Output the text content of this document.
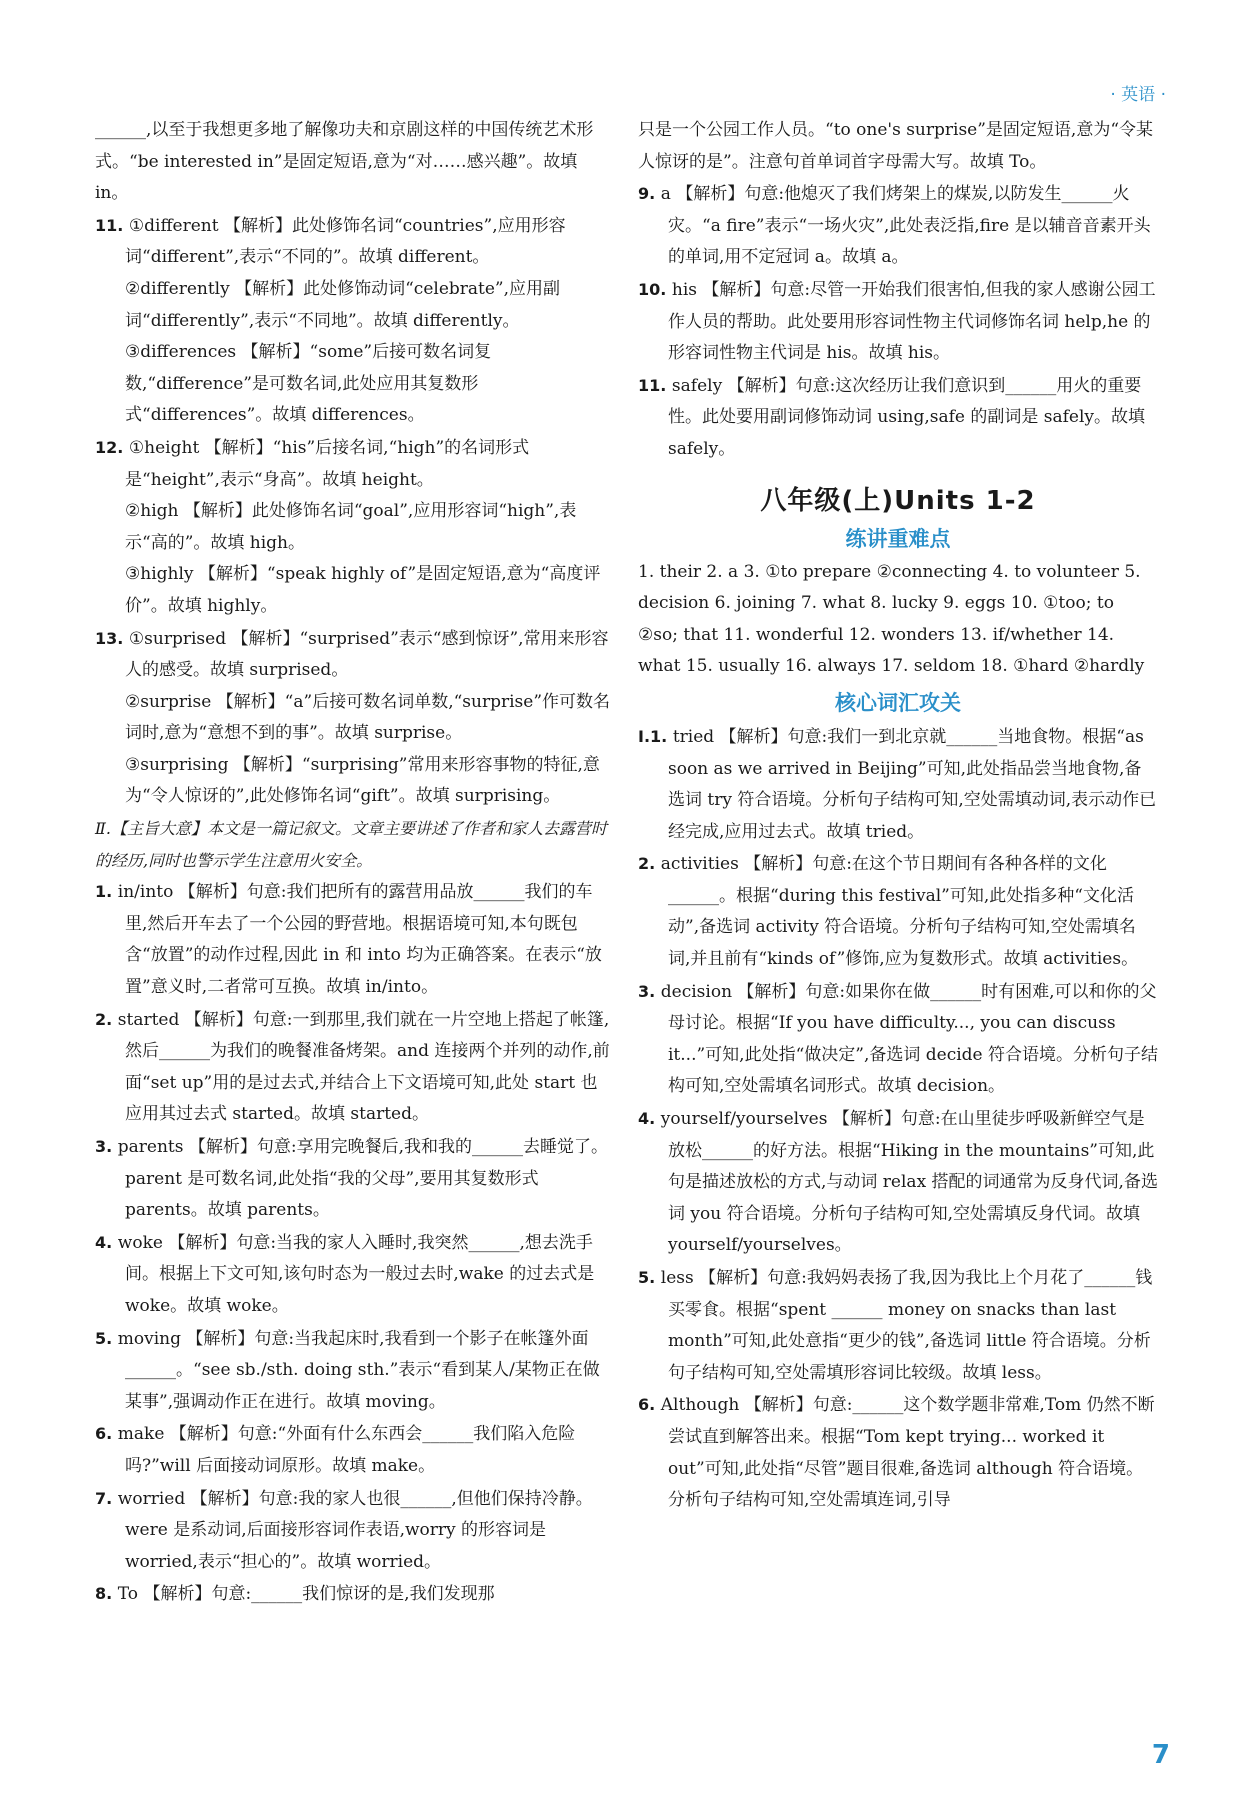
· 英语 ·

______,以至于我想更多地了解像功夫和京剧这样的中国传统艺术形式。“be interested in”是固定短语,意为“对……感兴趣”。故填 in。

11. ①different 【解析】此处修饰名词“countries”,应用形容词“different”,表示“不同的”。故填 different。

②differently 【解析】此处修饰动词“celebrate”,应用副词“differently”,表示“不同地”。故填 differently。

③differences 【解析】“some”后接可数名词复数,“difference”是可数名词,此处应用其复数形式“differences”。故填 differences。

12. ①height 【解析】“his”后接名词,“high”的名词形式是“height”,表示“身高”。故填 height。

②high 【解析】此处修饰名词“goal”,应用形容词“high”,表示“高的”。故填 high。

③highly 【解析】“speak highly of”是固定短语,意为“高度评价”。故填 highly。

13. ①surprised 【解析】“surprised”表示“感到惊讶”,常用来形容人的感受。故填 surprised。

②surprise 【解析】“a”后接可数名词单数,“surprise”作可数名词时,意为“意想不到的事”。故填 surprise。

③surprising 【解析】“surprising”常用来形容事物的特征,意为“令人惊讶的”,此处修饰名词“gift”。故填 surprising。

Ⅱ.【主旨大意】本文是一篇记叙文。文章主要讲述了作者和家人去露营时的经历,同时也警示学生注意用火安全。

1. in/into 【解析】句意:我们把所有的露营用品放______我们的车里,然后开车去了一个公园的野营地。根据语境可知,本句既包含“放置”的动作过程,因此 in 和 into 均为正确答案。在表示“放置”意义时,二者常可互换。故填 in/into。

2. started 【解析】句意:一到那里,我们就在一片空地上搭起了帐篷,然后______为我们的晚餐准备烤架。and 连接两个并列的动作,前面“set up”用的是过去式,并结合上下文语境可知,此处 start 也应用其过去式 started。故填 started。

3. parents 【解析】句意:享用完晚餐后,我和我的______去睡觉了。parent 是可数名词,此处指“我的父母”,要用其复数形式 parents。故填 parents。

4. woke 【解析】句意:当我的家人入睡时,我突然______,想去洗手间。根据上下文可知,该句时态为一般过去时,wake 的过去式是 woke。故填 woke。

5. moving 【解析】句意:当我起床时,我看到一个影子在帐篷外面______。“see sb./sth. doing sth.”表示“看到某人/某物正在做某事”,强调动作正在进行。故填 moving。

6. make 【解析】句意:“外面有什么东西会______我们陷入危险吗?”will 后面接动词原形。故填 make。

7. worried 【解析】句意:我的家人也很______,但他们保持冷静。were 是系动词,后面接形容词作表语,worry 的形容词是 worried,表示“担心的”。故填 worried。

8. To 【解析】句意:______我们惊讶的是,我们发现那

只是一个公园工作人员。“to one's surprise”是固定短语,意为“令某人惊讶的是”。注意句首单词首字母需大写。故填 To。

9. a 【解析】句意:他熄灭了我们烤架上的煤炭,以防发生______火灾。“a fire”表示“一场火灾”,此处表泛指,fire 是以辅音音素开头的单词,用不定冠词 a。故填 a。

10. his 【解析】句意:尽管一开始我们很害怕,但我的家人感谢公园工作人员的帮助。此处要用形容词性物主代词修饰名词 help,he 的形容词性物主代词是 his。故填 his。

11. safely 【解析】句意:这次经历让我们意识到______用火的重要性。此处要用副词修饰动词 using,safe 的副词是 safely。故填 safely。

八年级(上)Units 1-2
练讲重难点

1. their 2. a 3. ①to prepare ②connecting 4. to volunteer 5. decision 6. joining 7. what 8. lucky 9. eggs 10. ①too; to ②so; that 11. wonderful 12. wonders 13. if/whether 14. what 15. usually 16. always 17. seldom 18. ①hard ②hardly

核心词汇攻关

Ⅰ.1. tried 【解析】句意:我们一到北京就______当地食物。根据“as soon as we arrived in Beijing”可知,此处指品尝当地食物,备选词 try 符合语境。分析句子结构可知,空处需填动词,表示动作已经完成,应用过去式。故填 tried。

2. activities 【解析】句意:在这个节日期间有各种各样的文化______。根据“during this festival”可知,此处指多种“文化活动”,备选词 activity 符合语境。分析句子结构可知,空处需填名词,并且前有“kinds of”修饰,应为复数形式。故填 activities。

3. decision 【解析】句意:如果你在做______时有困难,可以和你的父母讨论。根据“If you have difficulty..., you can discuss it...”可知,此处指“做决定”,备选词 decide 符合语境。分析句子结构可知,空处需填名词形式。故填 decision。

4. yourself/yourselves 【解析】句意:在山里徒步呼吸新鲜空气是放松______的好方法。根据“Hiking in the mountains”可知,此句是描述放松的方式,与动词 relax 搭配的词通常为反身代词,备选词 you 符合语境。分析句子结构可知,空处需填反身代词。故填 yourself/yourselves。

5. less 【解析】句意:我妈妈表扬了我,因为我比上个月花了______钱买零食。根据“spent ______ money on snacks than last month”可知,此处意指“更少的钱”,备选词 little 符合语境。分析句子结构可知,空处需填形容词比较级。故填 less。

6. Although 【解析】句意:______这个数学题非常难,Tom 仍然不断尝试直到解答出来。根据“Tom kept trying... worked it out”可知,此处指“尽管”题目很难,备选词 although 符合语境。分析句子结构可知,空处需填连词,引导

7
